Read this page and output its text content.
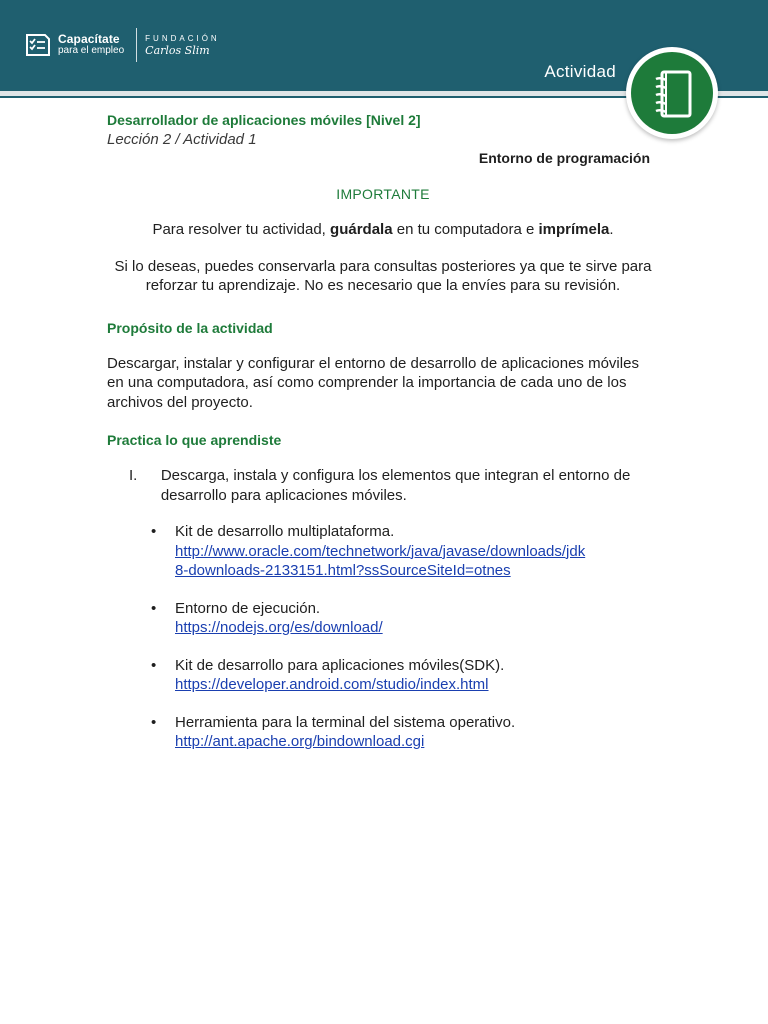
Capacítate
para el empleo
FUNDACIÓN
Carlos Slim
Actividad

Desarrollador de aplicaciones móviles [Nivel 2]

Lección 2 / Actividad 1

Entorno de programación

IMPORTANTE

Para resolver tu actividad, guárdala en tu computadora e imprímela.

Si lo deseas, puedes conservarla para consultas posteriores ya que te sirve para reforzar tu aprendizaje. No es necesario que la envíes para su revisión.

Propósito de la actividad

Descargar, instalar y configurar el entorno de desarrollo de aplicaciones móviles en una computadora, así como comprender la importancia de cada uno de los archivos del proyecto.

Practica lo que aprendiste

I.	Descarga, instala y configura los elementos que integran el entorno de desarrollo para aplicaciones móviles.
• Kit de desarrollo multiplataforma.
http://www.oracle.com/technetwork/java/javase/downloads/jdk
8-downloads-2133151.html?ssSourceSiteId=otnes
• Entorno de ejecución.
https://nodejs.org/es/download/
• Kit de desarrollo para aplicaciones móviles(SDK).
https://developer.android.com/studio/index.html
• Herramienta para la terminal del sistema operativo.
http://ant.apache.org/bindownload.cgi
